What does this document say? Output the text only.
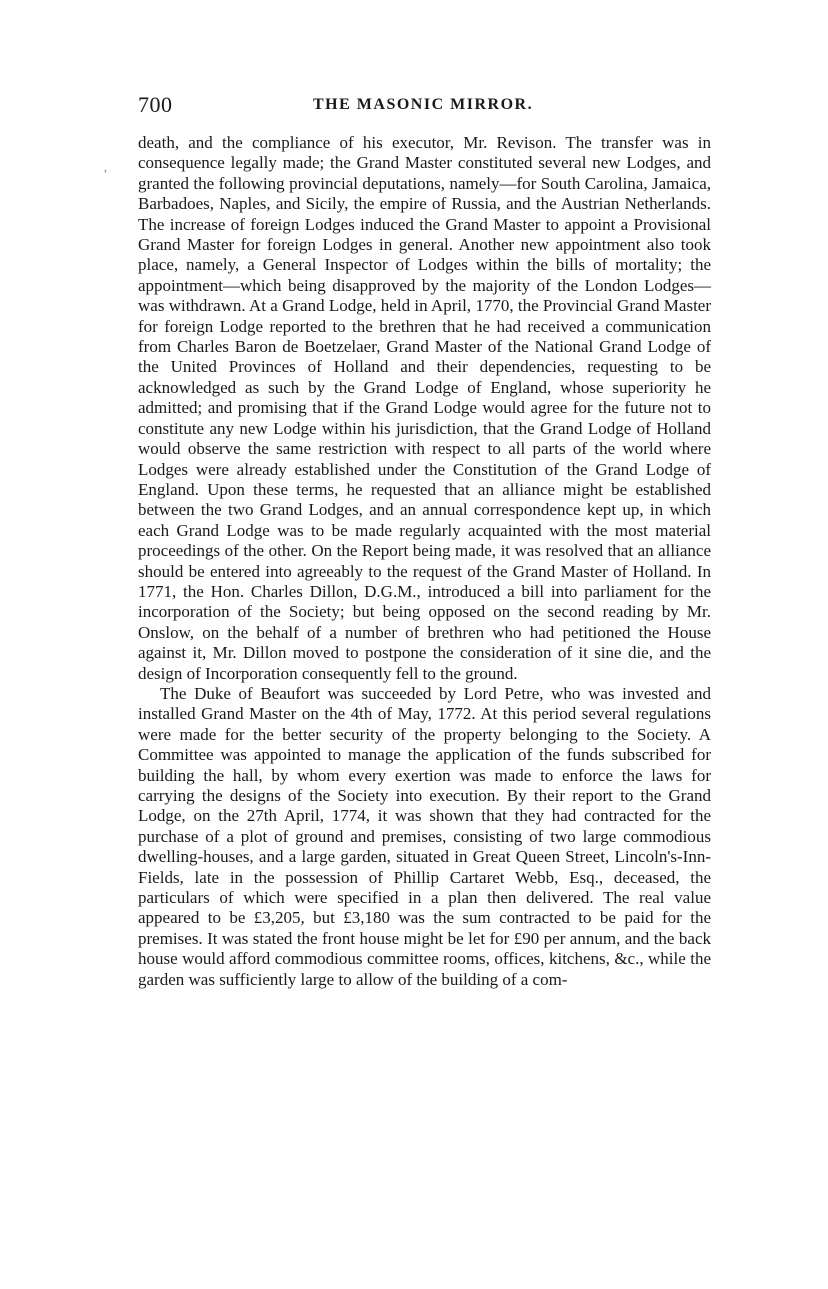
700	THE MASONIC MIRROR.
,

death, and the compliance of his executor, Mr. Revison. The transfer was in consequence legally made; the Grand Master constituted several new Lodges, and granted the following provincial deputations, namely—for South Carolina, Jamaica, Barbadoes, Naples, and Sicily, the empire of Russia, and the Austrian Netherlands. The increase of foreign Lodges induced the Grand Master to appoint a Provisional Grand Master for foreign Lodges in general. Another new appointment also took place, namely, a General Inspector of Lodges within the bills of mortality; the appointment—which being disapproved by the majority of the London Lodges—was withdrawn. At a Grand Lodge, held in April, 1770, the Provincial Grand Master for foreign Lodge reported to the brethren that he had received a communication from Charles Baron de Boetzelaer, Grand Master of the National Grand Lodge of the United Provinces of Holland and their dependencies, requesting to be acknowledged as such by the Grand Lodge of England, whose superiority he admitted; and promising that if the Grand Lodge would agree for the future not to constitute any new Lodge within his jurisdiction, that the Grand Lodge of Holland would observe the same restriction with respect to all parts of the world where Lodges were already established under the Constitution of the Grand Lodge of England. Upon these terms, he requested that an alliance might be established between the two Grand Lodges, and an annual correspondence kept up, in which each Grand Lodge was to be made regularly acquainted with the most material proceedings of the other. On the Report being made, it was resolved that an alliance should be entered into agreeably to the request of the Grand Master of Holland. In 1771, the Hon. Charles Dillon, D.G.M., introduced a bill into parliament for the incorporation of the Society; but being opposed on the second reading by Mr. Onslow, on the behalf of a number of brethren who had petitioned the House against it, Mr. Dillon moved to postpone the consideration of it sine die, and the design of Incorporation consequently fell to the ground.

The Duke of Beaufort was succeeded by Lord Petre, who was invested and installed Grand Master on the 4th of May, 1772. At this period several regulations were made for the better security of the property belonging to the Society. A Committee was appointed to manage the application of the funds subscribed for building the hall, by whom every exertion was made to enforce the laws for carrying the designs of the Society into execution. By their report to the Grand Lodge, on the 27th April, 1774, it was shown that they had contracted for the purchase of a plot of ground and premises, consisting of two large commodious dwelling-houses, and a large garden, situated in Great Queen Street, Lincoln's-Inn-Fields, late in the possession of Phillip Cartaret Webb, Esq., deceased, the particulars of which were specified in a plan then delivered. The real value appeared to be £3,205, but £3,180 was the sum contracted to be paid for the premises. It was stated the front house might be let for £90 per annum, and the back house would afford commodious committee rooms, offices, kitchens, &c., while the garden was sufficiently large to allow of the building of a com-
